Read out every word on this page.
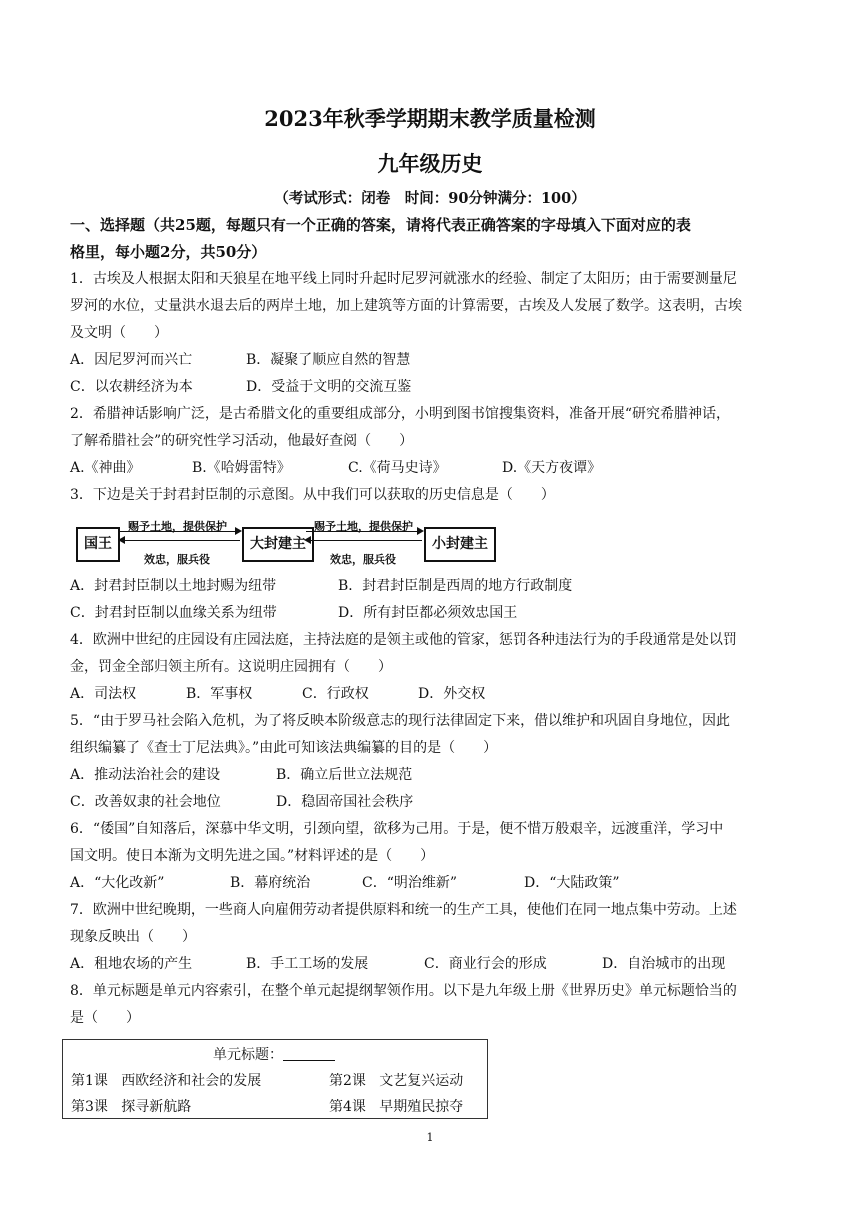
2023年秋季学期期末教学质量检测
九年级历史
（考试形式：闭卷　时间：90分钟满分：100）
一、选择题（共25题，每题只有一个正确的答案，请将代表正确答案的字母填入下面对应的表
格里，每小题2分，共50分）
1．古埃及人根据太阳和天狼星在地平线上同时升起时尼罗河就涨水的经验、制定了太阳历；由于需要测量尼
罗河的水位，丈量洪水退去后的两岸土地，加上建筑等方面的计算需要，古埃及人发展了数学。这表明，古埃
及文明（　　）
A．因尼罗河而兴亡	B．凝聚了顺应自然的智慧
C．以农耕经济为本	D．受益于文明的交流互鉴
2．希腊神话影响广泛，是古希腊文化的重要组成部分，小明到图书馆搜集资料，准备开展“研究希腊神话，
了解希腊社会”的研究性学习活动，他最好查阅（　　）
A.《神曲》	B.《哈姆雷特》	C.《荷马史诗》	D.《天方夜谭》
3．下边是关于封君封臣制的示意图。从中我们可以获取的历史信息是（　　）
国王
赐予土地，提供保护
效忠，服兵役
大封建主
赐予土地，提供保护
效忠，服兵役
小封建主
A．封君封臣制以土地封赐为纽带	B．封君封臣制是西周的地方行政制度
C．封君封臣制以血缘关系为纽带	D．所有封臣都必须效忠国王
4．欧洲中世纪的庄园设有庄园法庭，主持法庭的是领主或他的管家，惩罚各种违法行为的手段通常是处以罚
金，罚金全部归领主所有。这说明庄园拥有（　　）
A．司法权	B．军事权	C．行政权	D．外交权
5．“由于罗马社会陷入危机，为了将反映本阶级意志的现行法律固定下来，借以维护和巩固自身地位，因此
组织编纂了《查士丁尼法典》。”由此可知该法典编纂的目的是（　　）
A．推动法治社会的建设	B．确立后世立法规范
C．改善奴隶的社会地位	D．稳固帝国社会秩序
6．“倭国”自知落后，深慕中华文明，引颈向望，欲移为己用。于是，便不惜万般艰辛，远渡重洋，学习中
国文明。使日本渐为文明先进之国。”材料评述的是（　　）
A．“大化改新”	B．幕府统治	C．“明治维新”	D．“大陆政策”
7．欧洲中世纪晚期，一些商人向雇佣劳动者提供原料和统一的生产工具，使他们在同一地点集中劳动。上述
现象反映出（　　）
A．租地农场的产生	B．手工工场的发展	C．商业行会的形成	D．自治城市的出现
8．单元标题是单元内容索引，在整个单元起提纲挈领作用。以下是九年级上册《世界历史》单元标题恰当的
是（　　）
单元标题：
第1课 西欧经济和社会的发展	第2课 文艺复兴运动
第3课 探寻新航路	第4课 早期殖民掠夺
1
